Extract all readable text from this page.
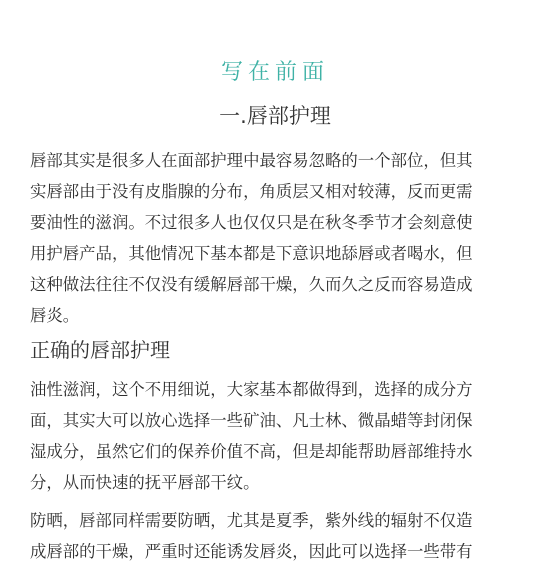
写在前面
一.唇部护理
唇部其实是很多人在面部护理中最容易忽略的一个部位，但其
实唇部由于没有皮脂腺的分布，角质层又相对较薄，反而更需
要油性的滋润。不过很多人也仅仅只是在秋冬季节才会刻意使
用护唇产品，其他情况下基本都是下意识地舔唇或者喝水，但
这种做法往往不仅没有缓解唇部干燥，久而久之反而容易造成
唇炎。
正确的唇部护理
油性滋润，这个不用细说，大家基本都做得到，选择的成分方
面，其实大可以放心选择一些矿油、凡士林、微晶蜡等封闭保
湿成分，虽然它们的保养价值不高，但是却能帮助唇部维持水
分，从而快速的抚平唇部干纹。
防晒，唇部同样需要防晒，尤其是夏季，紫外线的辐射不仅造
成唇部的干燥，严重时还能诱发唇炎，因此可以选择一些带有
